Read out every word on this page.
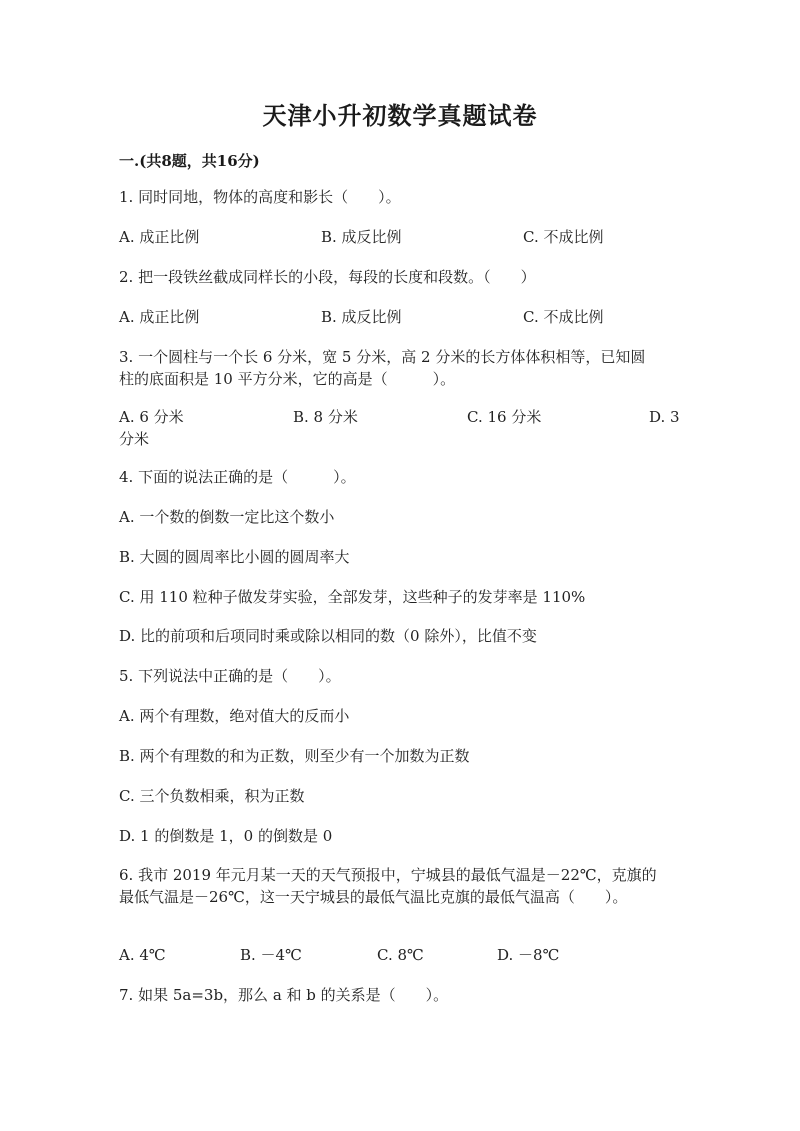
天津小升初数学真题试卷
一.(共8题，共16分)
1. 同时同地，物体的高度和影长（　　）。
A. 成正比例	B. 成反比例	C. 不成比例
2. 把一段铁丝截成同样长的小段，每段的长度和段数。（　　）
A. 成正比例	B. 成反比例	C. 不成比例
3. 一个圆柱与一个长 6 分米，宽 5 分米，高 2 分米的长方体体积相等，已知圆
柱的底面积是 10 平方分米，它的高是（　　　）。
A. 6 分米	B. 8 分米	C. 16 分米	D. 3
分米
4. 下面的说法正确的是（　　　）。
A. 一个数的倒数一定比这个数小
B. 大圆的圆周率比小圆的圆周率大
C. 用 110 粒种子做发芽实验，全部发芽，这些种子的发芽率是 110%
D. 比的前项和后项同时乘或除以相同的数（0 除外），比值不变
5. 下列说法中正确的是（　　）。
A. 两个有理数，绝对值大的反而小
B. 两个有理数的和为正数，则至少有一个加数为正数
C. 三个负数相乘，积为正数
D. 1 的倒数是 1，0 的倒数是 0
6. 我市 2019 年元月某一天的天气预报中，宁城县的最低气温是－22℃，克旗的
最低气温是－26℃，这一天宁城县的最低气温比克旗的最低气温高（　　）。
A. 4℃	B. －4℃	C. 8℃	D. －8℃
7. 如果 5a=3b，那么 a 和 b 的关系是（　　）。
